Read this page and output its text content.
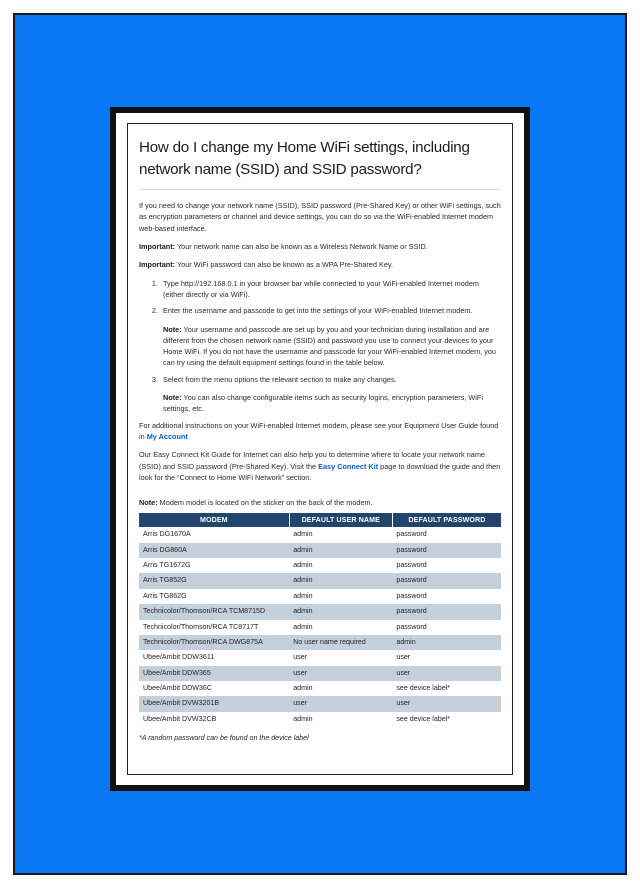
How do I change my Home WiFi settings, including network name (SSID) and SSID password?

If you need to change your network name (SSID), SSID password (Pre-Shared Key) or other WiFi settings, such as encryption parameters or channel and device settings, you can do so via the WiFi-enabled Internet modem web-based interface.

Important: Your network name can also be known as a Wireless Network Name or SSID.

Important: Your WiFi password can also be known as a WPA Pre-Shared Key.

1. Type http://192.168.0.1 in your browser bar while connected to your WiFi-enabled Internet modem (either directly or via WiFi).
2. Enter the username and passcode to get into the settings of your WiFi-enabled Internet modem.
Note: Your username and passcode are set up by you and your technician during installation and are different from the chosen network name (SSID) and password you use to connect your devices to your Home WiFi. If you do not have the username and passcode for your WiFi-enabled Internet modem, you can try using the default equipment settings found in the table below.
3. Select from the menu options the relevant section to make any changes.
Note: You can also change configurable items such as security logins, encryption parameters, WiFi settings, etc.

For additional instructions on your WiFi-enabled Internet modem, please see your Equipment User Guide found in My Account

Our Easy Connect Kit Guide for Internet can also help you to determine where to locate your network name (SSID) and SSID password (Pre-Shared Key). Visit the Easy Connect Kit page to download the guide and then look for the “Connect to Home WiFi Network” section.

Note: Modem model is located on the sticker on the back of the modem.

MODEM	DEFAULT USER NAME	DEFAULT PASSWORD
Arris DG1670A	admin	password
Arris DG860A	admin	password
Arris TG1672G	admin	password
Arris TG852G	admin	password
Arris TG862G	admin	password
Technicolor/Thomson/RCA TCM8715D	admin	password
Technicolor/Thomson/RCA TC8717T	admin	password
Technicolor/Thomson/RCA DWG875A	No user name required	admin
Ubee/Ambit DDW3611	user	user
Ubee/Ambit DDW365	user	user
Ubee/Ambit DDW36C	admin	see device label*
Ubee/Ambit DVW3201B	user	user
Ubee/Ambit DVW32CB	admin	see device label*
*A random password can be found on the device label
